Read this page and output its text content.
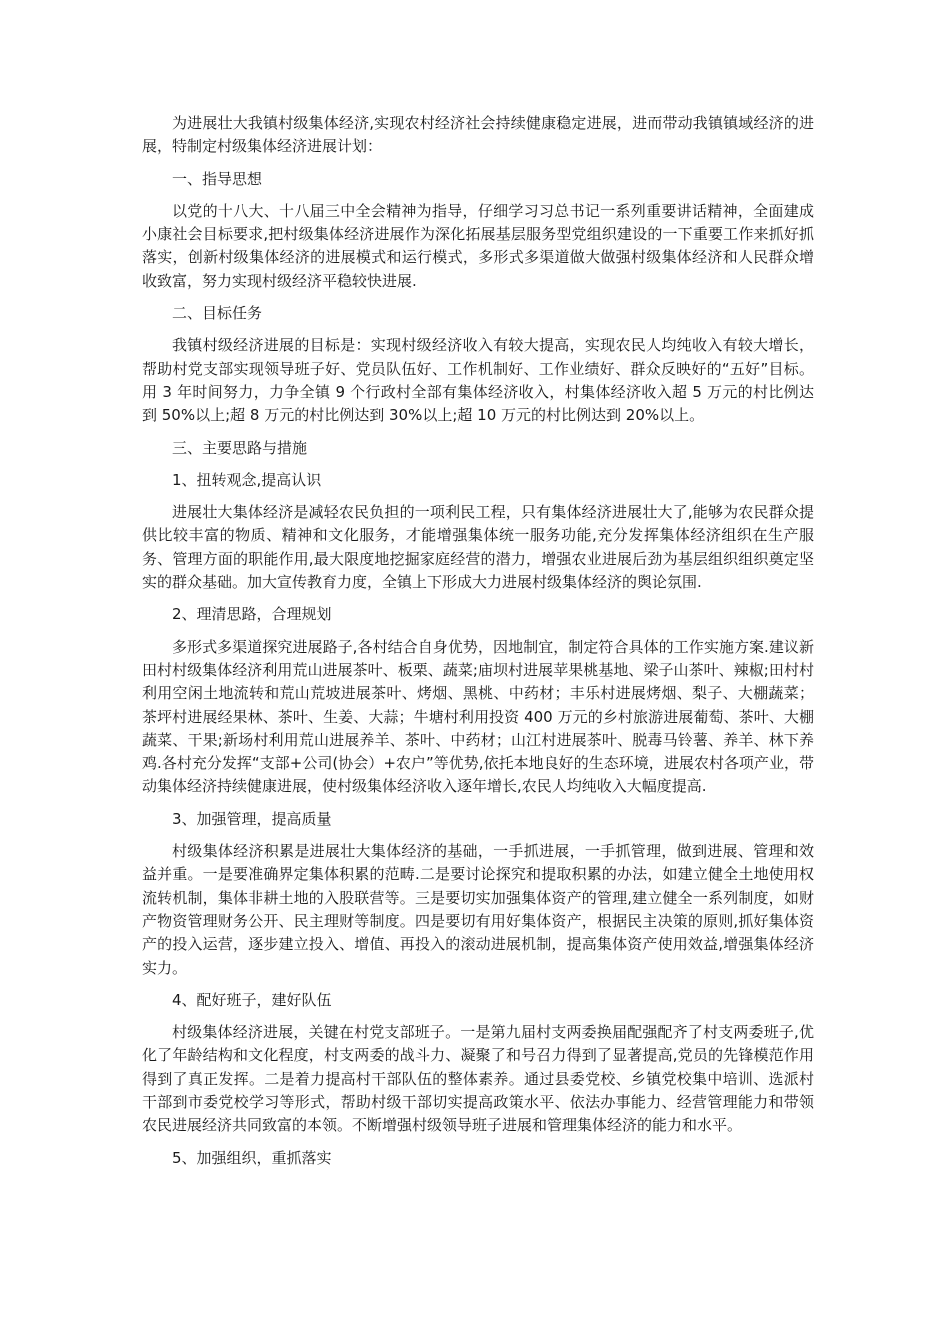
为进展壮大我镇村级集体经济,实现农村经济社会持续健康稳定进展，进而带动我镇镇域经济的进展，特制定村级集体经济进展计划：

一、指导思想

以党的十八大、十八届三中全会精神为指导，仔细学习习总书记一系列重要讲话精神，全面建成小康社会目标要求,把村级集体经济进展作为深化拓展基层服务型党组织建设的一下重要工作来抓好抓落实，创新村级集体经济的进展模式和运行模式，多形式多渠道做大做强村级集体经济和人民群众增收致富，努力实现村级经济平稳较快进展.

二、目标任务

我镇村级经济进展的目标是：实现村级经济收入有较大提高，实现农民人均纯收入有较大增长，帮助村党支部实现领导班子好、党员队伍好、工作机制好、工作业绩好、群众反映好的“五好”目标。用 3 年时间努力，力争全镇 9 个行政村全部有集体经济收入，村集体经济收入超 5 万元的村比例达到 50%以上;超 8 万元的村比例达到 30%以上;超 10 万元的村比例达到 20%以上。

三、主要思路与措施

1、扭转观念,提高认识

进展壮大集体经济是减轻农民负担的一项利民工程，只有集体经济进展壮大了,能够为农民群众提供比较丰富的物质、精神和文化服务，才能增强集体统一服务功能,充分发挥集体经济组织在生产服务、管理方面的职能作用,最大限度地挖掘家庭经营的潜力，增强农业进展后劲为基层组织组织奠定坚实的群众基础。加大宣传教育力度，全镇上下形成大力进展村级集体经济的舆论氛围.

2、理清思路，合理规划

多形式多渠道探究进展路子,各村结合自身优势，因地制宜，制定符合具体的工作实施方案.建议新田村村级集体经济利用荒山进展茶叶、板栗、蔬菜;庙坝村进展苹果桃基地、梁子山茶叶、辣椒;田村村利用空闲土地流转和荒山荒坡进展茶叶、烤烟、黑桃、中药材；丰乐村进展烤烟、梨子、大棚蔬菜；茶坪村进展经果林、茶叶、生姜、大蒜；牛塘村利用投资 400 万元的乡村旅游进展葡萄、茶叶、大棚蔬菜、干果;新场村利用荒山进展养羊、茶叶、中药材；山江村进展茶叶、脱毒马铃薯、养羊、林下养鸡.各村充分发挥“支部+公司(协会）+农户”等优势,依托本地良好的生态环境，进展农村各项产业，带动集体经济持续健康进展，使村级集体经济收入逐年增长,农民人均纯收入大幅度提高.

3、加强管理，提高质量

村级集体经济积累是进展壮大集体经济的基础，一手抓进展，一手抓管理，做到进展、管理和效益并重。一是要准确界定集体积累的范畴.二是要讨论探究和提取积累的办法，如建立健全土地使用权流转机制，集体非耕土地的入股联营等。三是要切实加强集体资产的管理,建立健全一系列制度，如财产物资管理财务公开、民主理财等制度。四是要切有用好集体资产，根据民主决策的原则,抓好集体资产的投入运营，逐步建立投入、增值、再投入的滚动进展机制，提高集体资产使用效益,增强集体经济实力。

4、配好班子，建好队伍

村级集体经济进展，关键在村党支部班子。一是第九届村支两委换届配强配齐了村支两委班子,优化了年龄结构和文化程度，村支两委的战斗力、凝聚了和号召力得到了显著提高,党员的先锋模范作用得到了真正发挥。二是着力提高村干部队伍的整体素养。通过县委党校、乡镇党校集中培训、选派村干部到市委党校学习等形式，帮助村级干部切实提高政策水平、依法办事能力、经营管理能力和带领农民进展经济共同致富的本领。不断增强村级领导班子进展和管理集体经济的能力和水平。

5、加强组织，重抓落实
